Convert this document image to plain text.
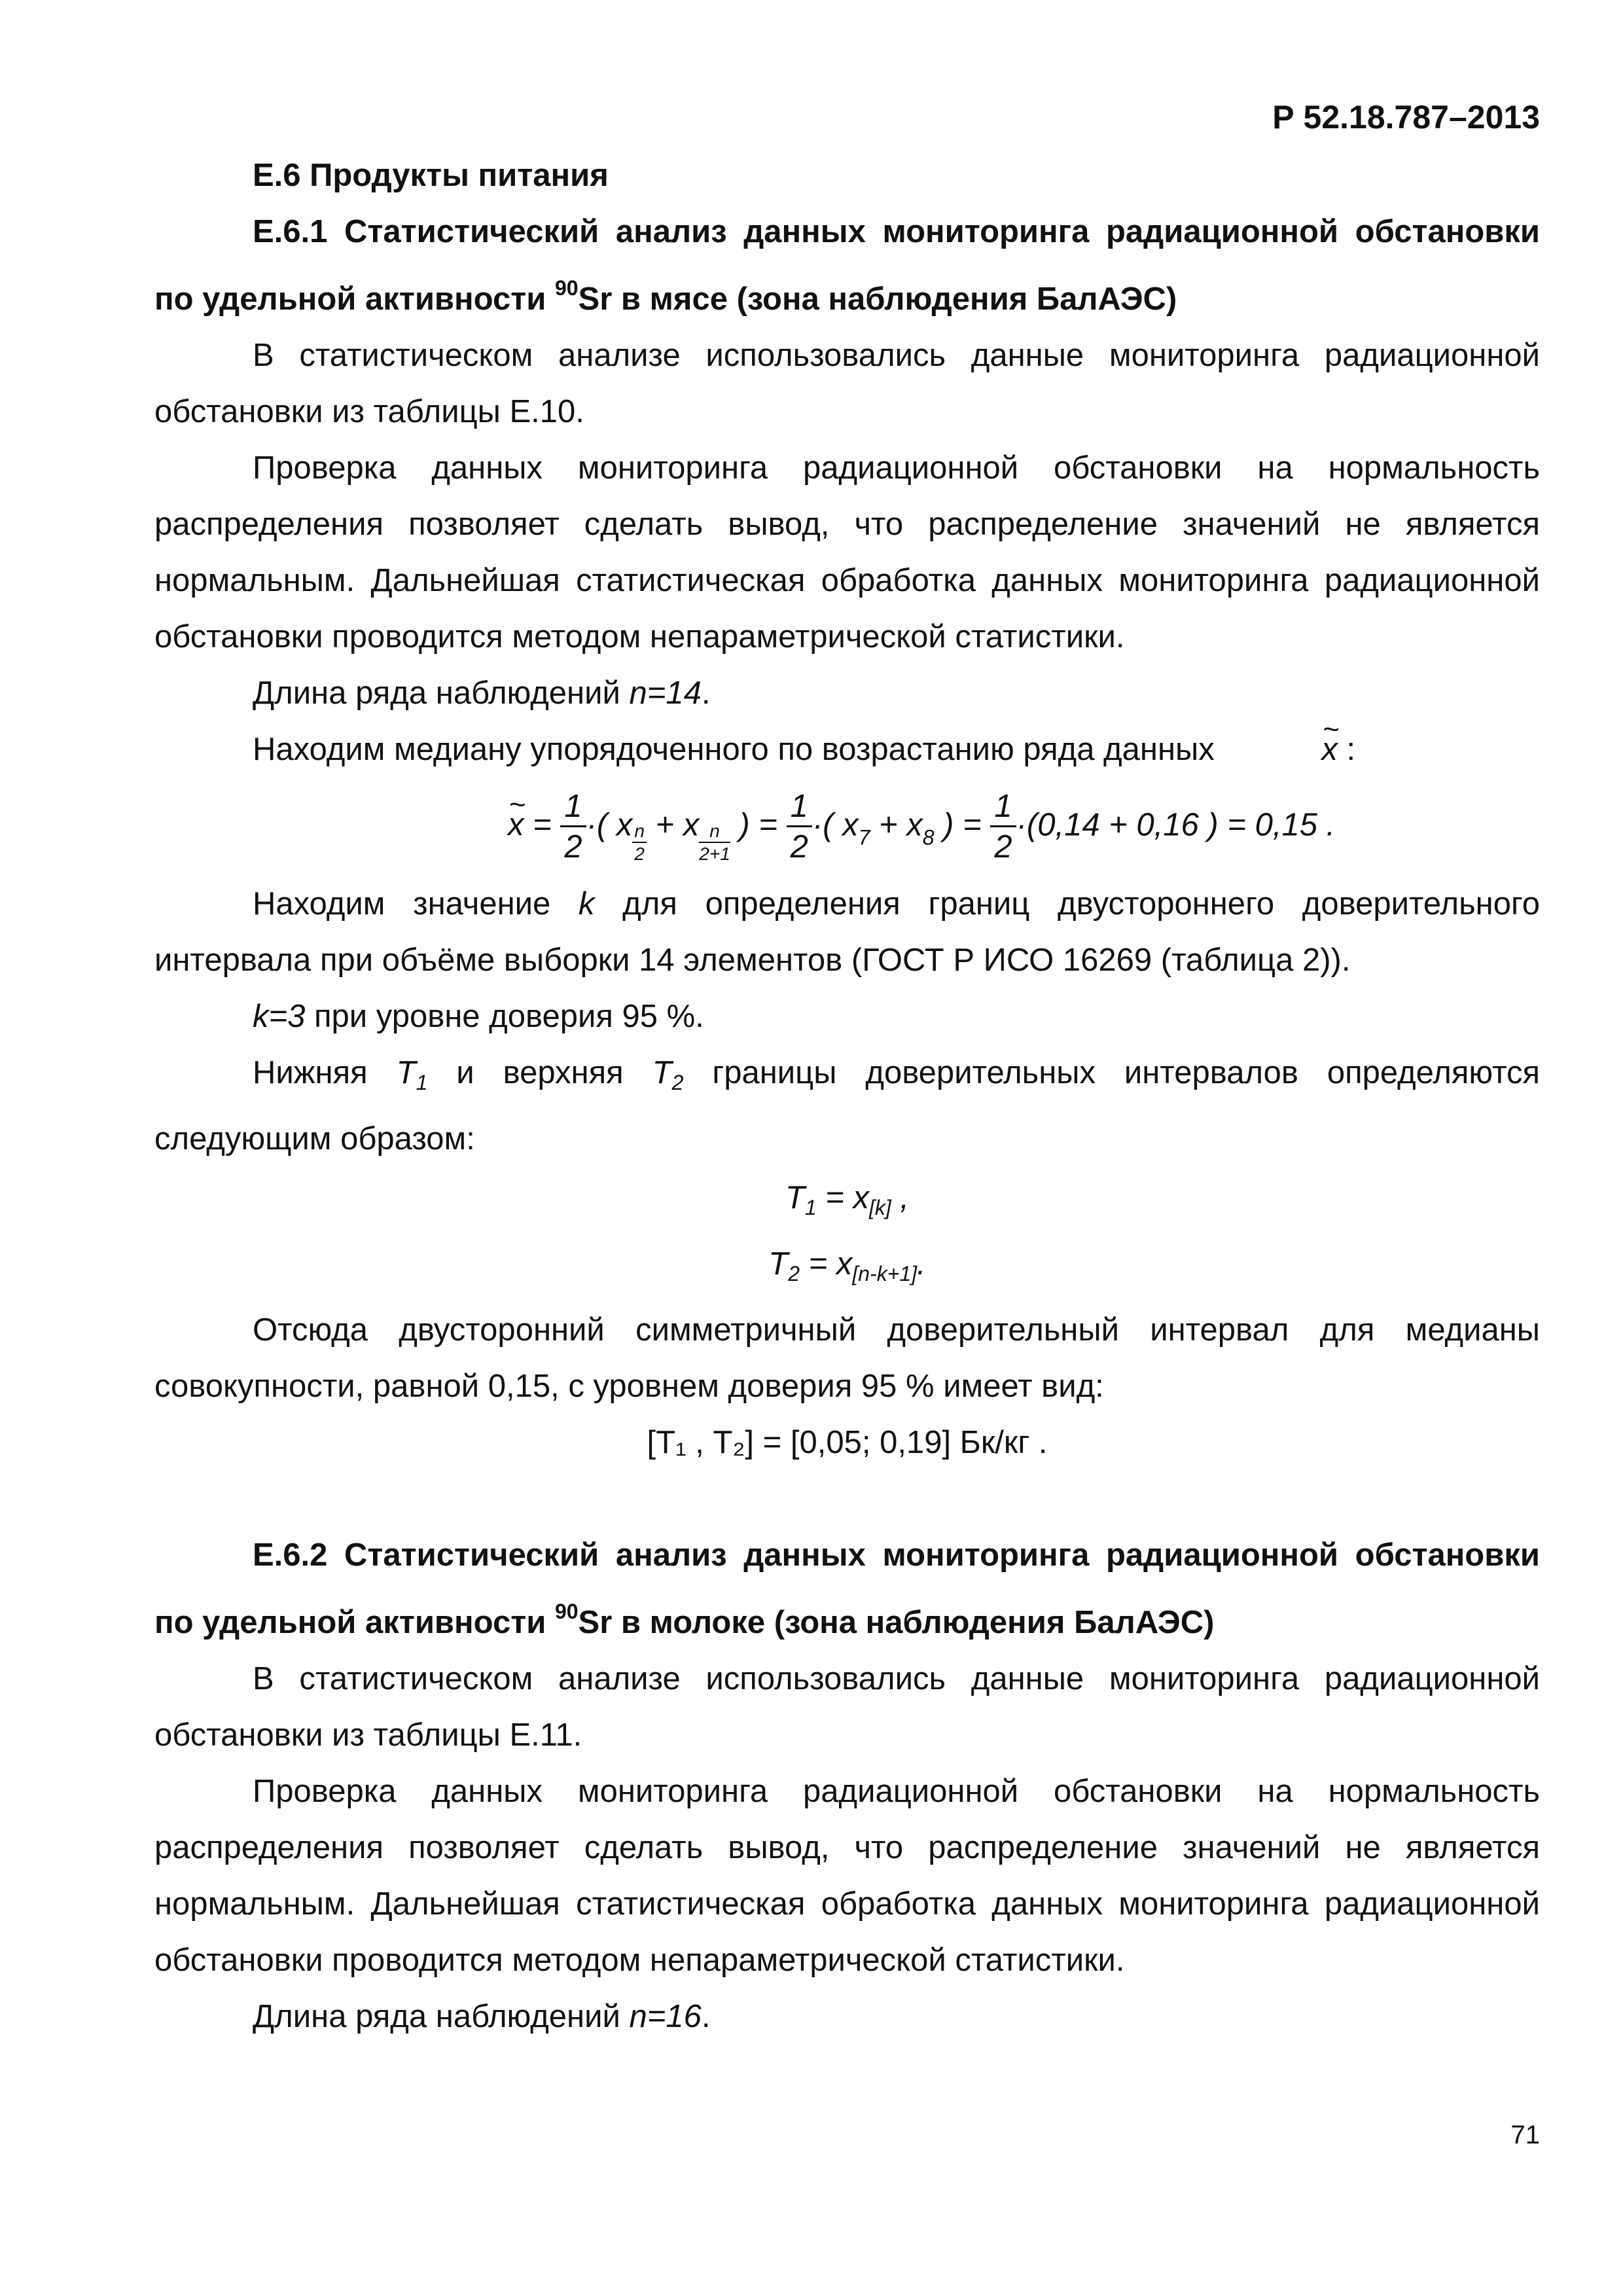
Р 52.18.787–2013

Е.6 Продукты питания

Е.6.1 Статистический анализ данных мониторинга радиационной обстановки по удельной активности $^{90}$Sr в мясе (зона наблюдения БалАЭС)

В статистическом анализе использовались данные мониторинга радиационной обстановки из таблицы Е.10.

Проверка данных мониторинга радиационной обстановки на нормальность распределения позволяет сделать вывод, что распределение значений не является нормальным. Дальнейшая статистическая обработка данных мониторинга радиационной обстановки проводится методом непараметрической статистики.

Длина ряда наблюдений n=14.

Находим медиану упорядоченного по возрастанию ряда данных ~	x :

~ $x = \frac{1}{2}$ ·( x $\frac{n}{2} + x \frac{n}{2+1}$ ) = $\frac{1}{2}$ ·( $x_7 + x_8$ ) = $\frac{1}{2} \cdot(0,14 + 0,16$ ) = 0,15 .

Находим значение k для определения границ двустороннего доверительного интервала при объёме выборки 14 элементов (ГОСТ Р ИСО 16269 (таблица 2)).

k=3 при уровне доверия 95 %.

Нижняя $T_1$ и верхняя $T_2$ границы доверительных интервалов определяются следующим образом:

$T_1 = x_{[k]}$ ,

$T_2 = x_{[n-k+1]}$.

Отсюда двусторонний симметричный доверительный интервал для медианы совокупности, равной 0,15, с уровнем доверия 95 % имеет вид:

[Т₁ , Т₂] = [0,05; 0,19] Бк/кг .

Е.6.2 Статистический анализ данных мониторинга радиационной обстановки по удельной активности $^{90}$Sr в молоке (зона наблюдения БалАЭС)

В статистическом анализе использовались данные мониторинга радиационной обстановки из таблицы Е.11.

Проверка данных мониторинга радиационной обстановки на нормальность распределения позволяет сделать вывод, что распределение значений не является нормальным. Дальнейшая статистическая обработка данных мониторинга радиационной обстановки проводится методом непараметрической статистики.

Длина ряда наблюдений n=16.

71
